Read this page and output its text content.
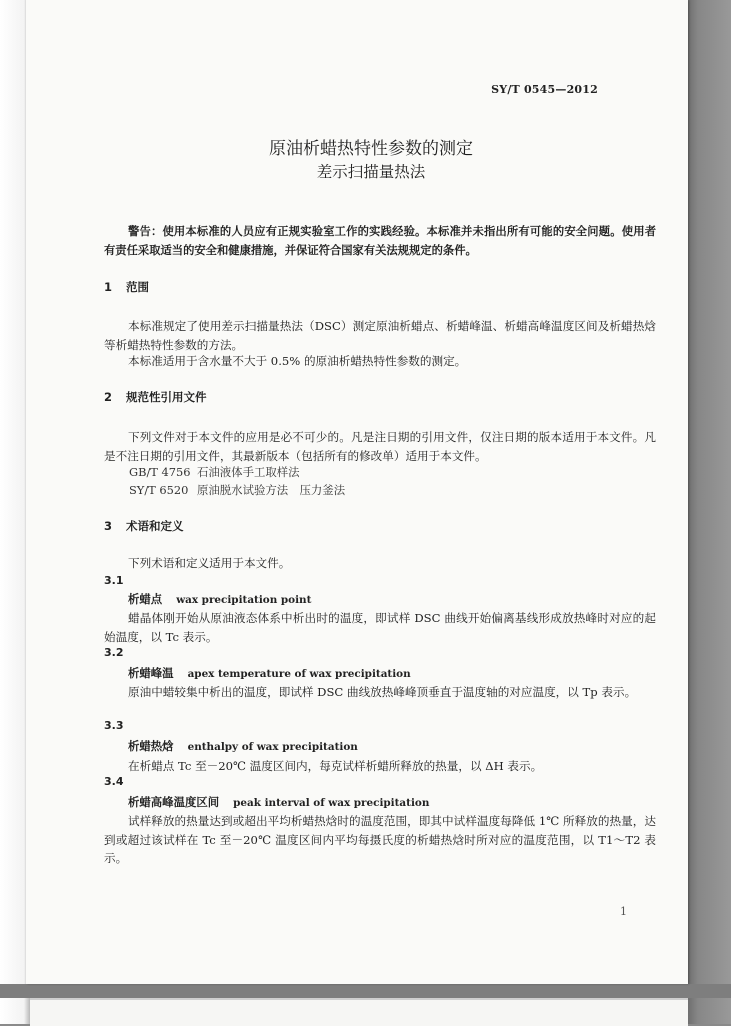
SY/T 0545—2012
原油析蜡热特性参数的测定
差示扫描量热法
警告：使用本标准的人员应有正规实验室工作的实践经验。本标准并未指出所有可能的安全问题。使用者有责任采取适当的安全和健康措施，并保证符合国家有关法规规定的条件。
1 范围
本标准规定了使用差示扫描量热法（DSC）测定原油析蜡点、析蜡峰温、析蜡高峰温度区间及析蜡热焓等析蜡热特性参数的方法。
本标准适用于含水量不大于 0.5% 的原油析蜡热特性参数的测定。
2 规范性引用文件
下列文件对于本文件的应用是必不可少的。凡是注日期的引用文件，仅注日期的版本适用于本文件。凡是不注日期的引用文件，其最新版本（包括所有的修改单）适用于本文件。
GB/T 4756 石油液体手工取样法
SY/T 6520 原油脱水试验方法　压力釜法
3 术语和定义
下列术语和定义适用于本文件。
3.1
析蜡点 wax precipitation point
蜡晶体刚开始从原油液态体系中析出时的温度，即试样 DSC 曲线开始偏离基线形成放热峰时对应的起始温度，以 Tc 表示。
3.2
析蜡峰温 apex temperature of wax precipitation
原油中蜡较集中析出的温度，即试样 DSC 曲线放热峰峰顶垂直于温度轴的对应温度，以 Tp 表示。
3.3
析蜡热焓 enthalpy of wax precipitation
在析蜡点 Tc 至－20℃ 温度区间内，每克试样析蜡所释放的热量，以 ΔH 表示。
3.4
析蜡高峰温度区间 peak interval of wax precipitation
试样释放的热量达到或超出平均析蜡热焓时的温度范围，即其中试样温度每降低 1℃ 所释放的热量，达到或超过该试样在 Tc 至－20℃ 温度区间内平均每摄氏度的析蜡热焓时所对应的温度范围，以 T1～T2 表示。
1
